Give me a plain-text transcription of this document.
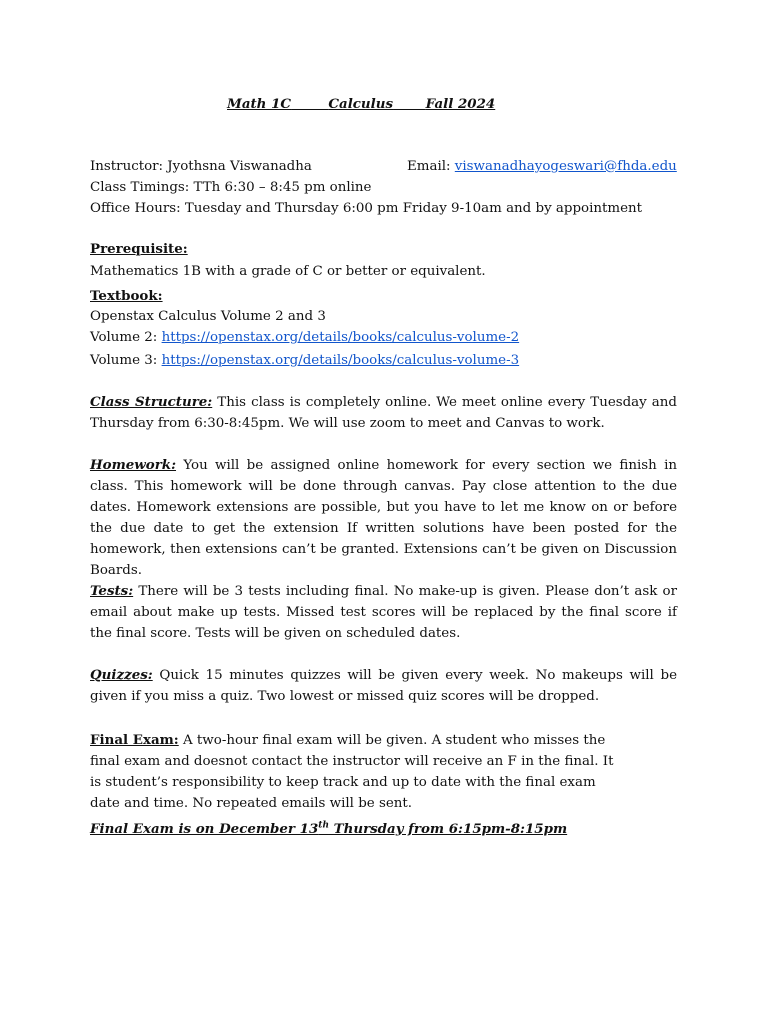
Math 1C	Calculus Fall 2024
Instructor: Jyothsna Viswanadha	Email: viswanadhayogeswari@fhda.edu
Class Timings: TTh 6:30 – 8:45 pm online
Office Hours: Tuesday and Thursday 6:00 pm Friday 9-10am and by appointment
Prerequisite:
Mathematics 1B with a grade of C or better or equivalent.
Textbook:
Openstax Calculus Volume 2 and 3
Volume 2: https://openstax.org/details/books/calculus-volume-2
Volume 3: https://openstax.org/details/books/calculus-volume-3
Class Structure: This class is completely online. We meet online every Tuesday and Thursday from 6:30-8:45pm. We will use zoom to meet and Canvas to work.
Homework: You will be assigned online homework for every section we finish in class. This homework will be done through canvas. Pay close attention to the due dates. Homework extensions are possible, but you have to let me know on or before the due date to get the extension If written solutions have been posted for the homework, then extensions can’t be granted. Extensions can’t be given on Discussion Boards.
Tests: There will be 3 tests including final. No make-up is given. Please don’t ask or email about make up tests. Missed test scores will be replaced by the final score if the final score. Tests will be given on scheduled dates.
Quizzes: Quick 15 minutes quizzes will be given every week. No makeups will be given if you miss a quiz. Two lowest or missed quiz scores will be dropped.
Final Exam: A two-hour final exam will be given. A student who misses the final exam and doesnot contact the instructor will receive an F in the final. It is student’s responsibility to keep track and up to date with the final exam date and time. No repeated emails will be sent.
Final Exam is on December 13th Thursday from 6:15pm-8:15pm
